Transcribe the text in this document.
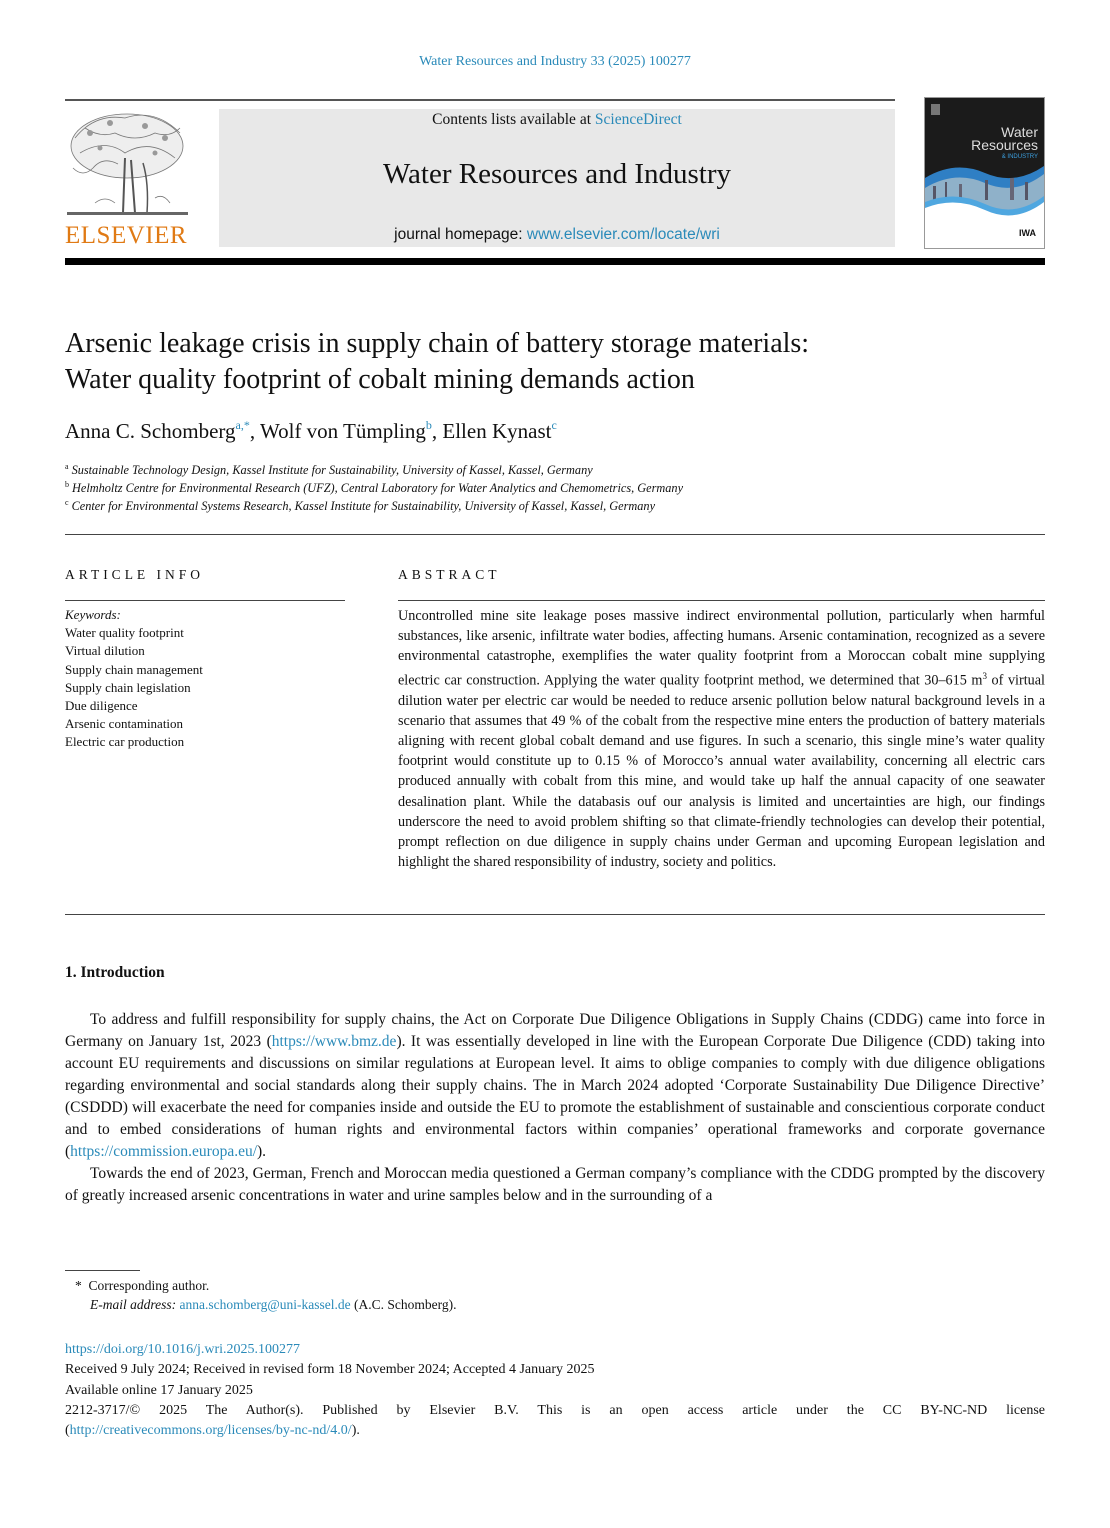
Water Resources and Industry 33 (2025) 100277
ELSEVIER
Contents lists available at ScienceDirect
Water Resources and Industry
journal homepage: www.elsevier.com/locate/wri
Water
Resources
& INDUSTRY
IWA
Arsenic leakage crisis in supply chain of battery storage materials:
Water quality footprint of cobalt mining demands action
Anna C. Schomberg$^{a,*}$, Wolf von Tümpling$^b$, Ellen Kynast$^c$
$^a$ Sustainable Technology Design, Kassel Institute for Sustainability, University of Kassel, Kassel, Germany
$^b$ Helmholtz Centre for Environmental Research (UFZ), Central Laboratory for Water Analytics and Chemometrics, Germany
$^c$ Center for Environmental Systems Research, Kassel Institute for Sustainability, University of Kassel, Kassel, Germany
ARTICLE INFO
Keywords:
Water quality footprint
Virtual dilution
Supply chain management
Supply chain legislation
Due diligence
Arsenic contamination
Electric car production
ABSTRACT
Uncontrolled mine site leakage poses massive indirect environmental pollution, particularly when harmful substances, like arsenic, infiltrate water bodies, affecting humans. Arsenic contamination, recognized as a severe environmental catastrophe, exemplifies the water quality footprint from a Moroccan cobalt mine supplying electric car construction. Applying the water quality footprint method, we determined that 30–615 $m^3$ of virtual dilution water per electric car would be needed to reduce arsenic pollution below natural background levels in a scenario that assumes that 49 % of the cobalt from the respective mine enters the production of battery materials aligning with recent global cobalt demand and use figures. In such a scenario, this single mine’s water quality footprint would constitute up to 0.15 % of Morocco’s annual water availability, concerning all electric cars produced annually with cobalt from this mine, and would take up half the annual capacity of one seawater desalination plant. While the databasis ouf our analysis is limited and uncertainties are high, our findings underscore the need to avoid problem shifting so that climate-friendly technologies can develop their potential, prompt reflection on due diligence in supply chains under German and upcoming European legislation and highlight the shared responsibility of industry, society and politics.
1. Introduction

To address and fulfill responsibility for supply chains, the Act on Corporate Due Diligence Obligations in Supply Chains (CDDG) came into force in Germany on January 1st, 2023 (https://www.bmz.de). It was essentially developed in line with the European Corporate Due Diligence (CDD) taking into account EU requirements and discussions on similar regulations at European level. It aims to oblige companies to comply with due diligence obligations regarding environmental and social standards along their supply chains. The in March 2024 adopted ‘Corporate Sustainability Due Diligence Directive’ (CSDDD) will exacerbate the need for companies inside and outside the EU to promote the establishment of sustainable and conscientious corporate conduct and to embed considerations of human rights and environmental factors within companies’ operational frameworks and corporate governance (https://commission.europa.eu/).

Towards the end of 2023, German, French and Moroccan media questioned a German company’s compliance with the CDDG prompted by the discovery of greatly increased arsenic concentrations in water and urine samples below and in the surrounding of a

* Corresponding author.
E-mail address: anna.schomberg@uni-kassel.de (A.C. Schomberg).
https://doi.org/10.1016/j.wri.2025.100277
Received 9 July 2024; Received in revised form 18 November 2024; Accepted 4 January 2025
Available online 17 January 2025
2212-3717/© 2025 The Author(s). Published by Elsevier B.V. This is an open access article under the CC BY-NC-ND license
(http://creativecommons.org/licenses/by-nc-nd/4.0/).
